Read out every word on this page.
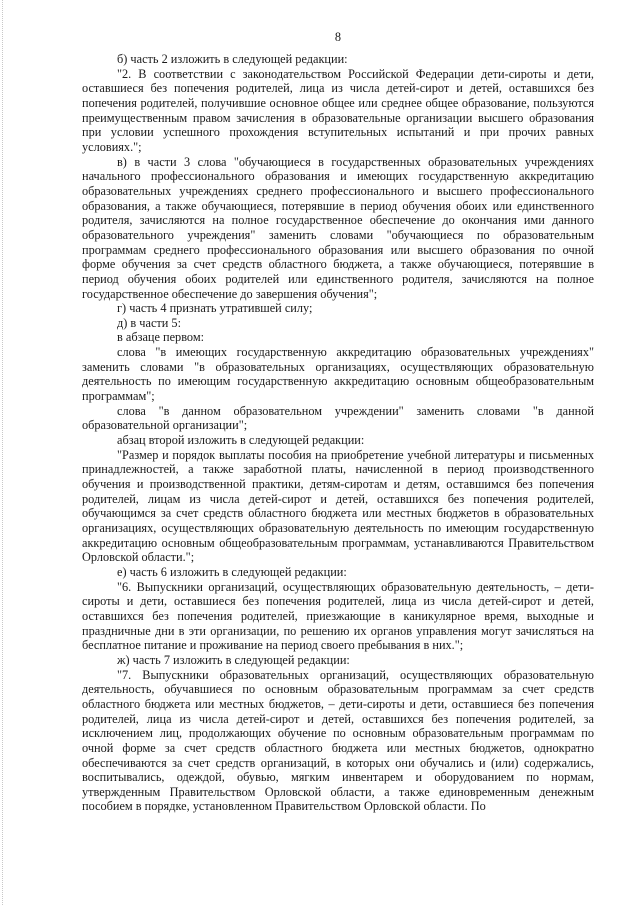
8

б) часть 2 изложить в следующей редакции:

"2. В соответствии с законодательством Российской Федерации дети-сироты и дети, оставшиеся без попечения родителей, лица из числа детей-сирот и детей, оставшихся без попечения родителей, получившие основное общее или среднее общее образование, пользуются преимущественным правом зачисления в образовательные организации высшего образования при условии успешного прохождения вступительных испытаний и при прочих равных условиях.";

в) в части 3 слова "обучающиеся в государственных образовательных учреждениях начального профессионального образования и имеющих государственную аккредитацию образовательных учреждениях среднего профессионального и высшего профессионального образования, а также обучающиеся, потерявшие в период обучения обоих или единственного родителя, зачисляются на полное государственное обеспечение до окончания ими данного образовательного учреждения" заменить словами "обучающиеся по образовательным программам среднего профессионального образования или высшего образования по очной форме обучения за счет средств областного бюджета, а также обучающиеся, потерявшие в период обучения обоих родителей или единственного родителя, зачисляются на полное государственное обеспечение до завершения обучения";

г) часть 4 признать утратившей силу;

д) в части 5:

в абзаце первом:

слова "в имеющих государственную аккредитацию образовательных учреждениях" заменить словами "в образовательных организациях, осуществляющих образовательную деятельность по имеющим государственную аккредитацию основным общеобразовательным программам";

слова "в данном образовательном учреждении" заменить словами "в данной образовательной организации";

абзац второй изложить в следующей редакции:

"Размер и порядок выплаты пособия на приобретение учебной литературы и письменных принадлежностей, а также заработной платы, начисленной в период производственного обучения и производственной практики, детям-сиротам и детям, оставшимся без попечения родителей, лицам из числа детей-сирот и детей, оставшихся без попечения родителей, обучающимся за счет средств областного бюджета или местных бюджетов в образовательных организациях, осуществляющих образовательную деятельность по имеющим государственную аккредитацию основным общеобразовательным программам, устанавливаются Правительством Орловской области.";

е) часть 6 изложить в следующей редакции:

"6. Выпускники организаций, осуществляющих образовательную деятельность, – дети-сироты и дети, оставшиеся без попечения родителей, лица из числа детей-сирот и детей, оставшихся без попечения родителей, приезжающие в каникулярное время, выходные и праздничные дни в эти организации, по решению их органов управления могут зачисляться на бесплатное питание и проживание на период своего пребывания в них.";

ж) часть 7 изложить в следующей редакции:

"7. Выпускники образовательных организаций, осуществляющих образовательную деятельность, обучавшиеся по основным образовательным программам за счет средств областного бюджета или местных бюджетов, – дети-сироты и дети, оставшиеся без попечения родителей, лица из числа детей-сирот и детей, оставшихся без попечения родителей, за исключением лиц, продолжающих обучение по основным образовательным программам по очной форме за счет средств областного бюджета или местных бюджетов, однократно обеспечиваются за счет средств организаций, в которых они обучались и (или) содержались, воспитывались, одеждой, обувью, мягким инвентарем и оборудованием по нормам, утвержденным Правительством Орловской области, а также единовременным денежным пособием в порядке, установленном Правительством Орловской области. По
